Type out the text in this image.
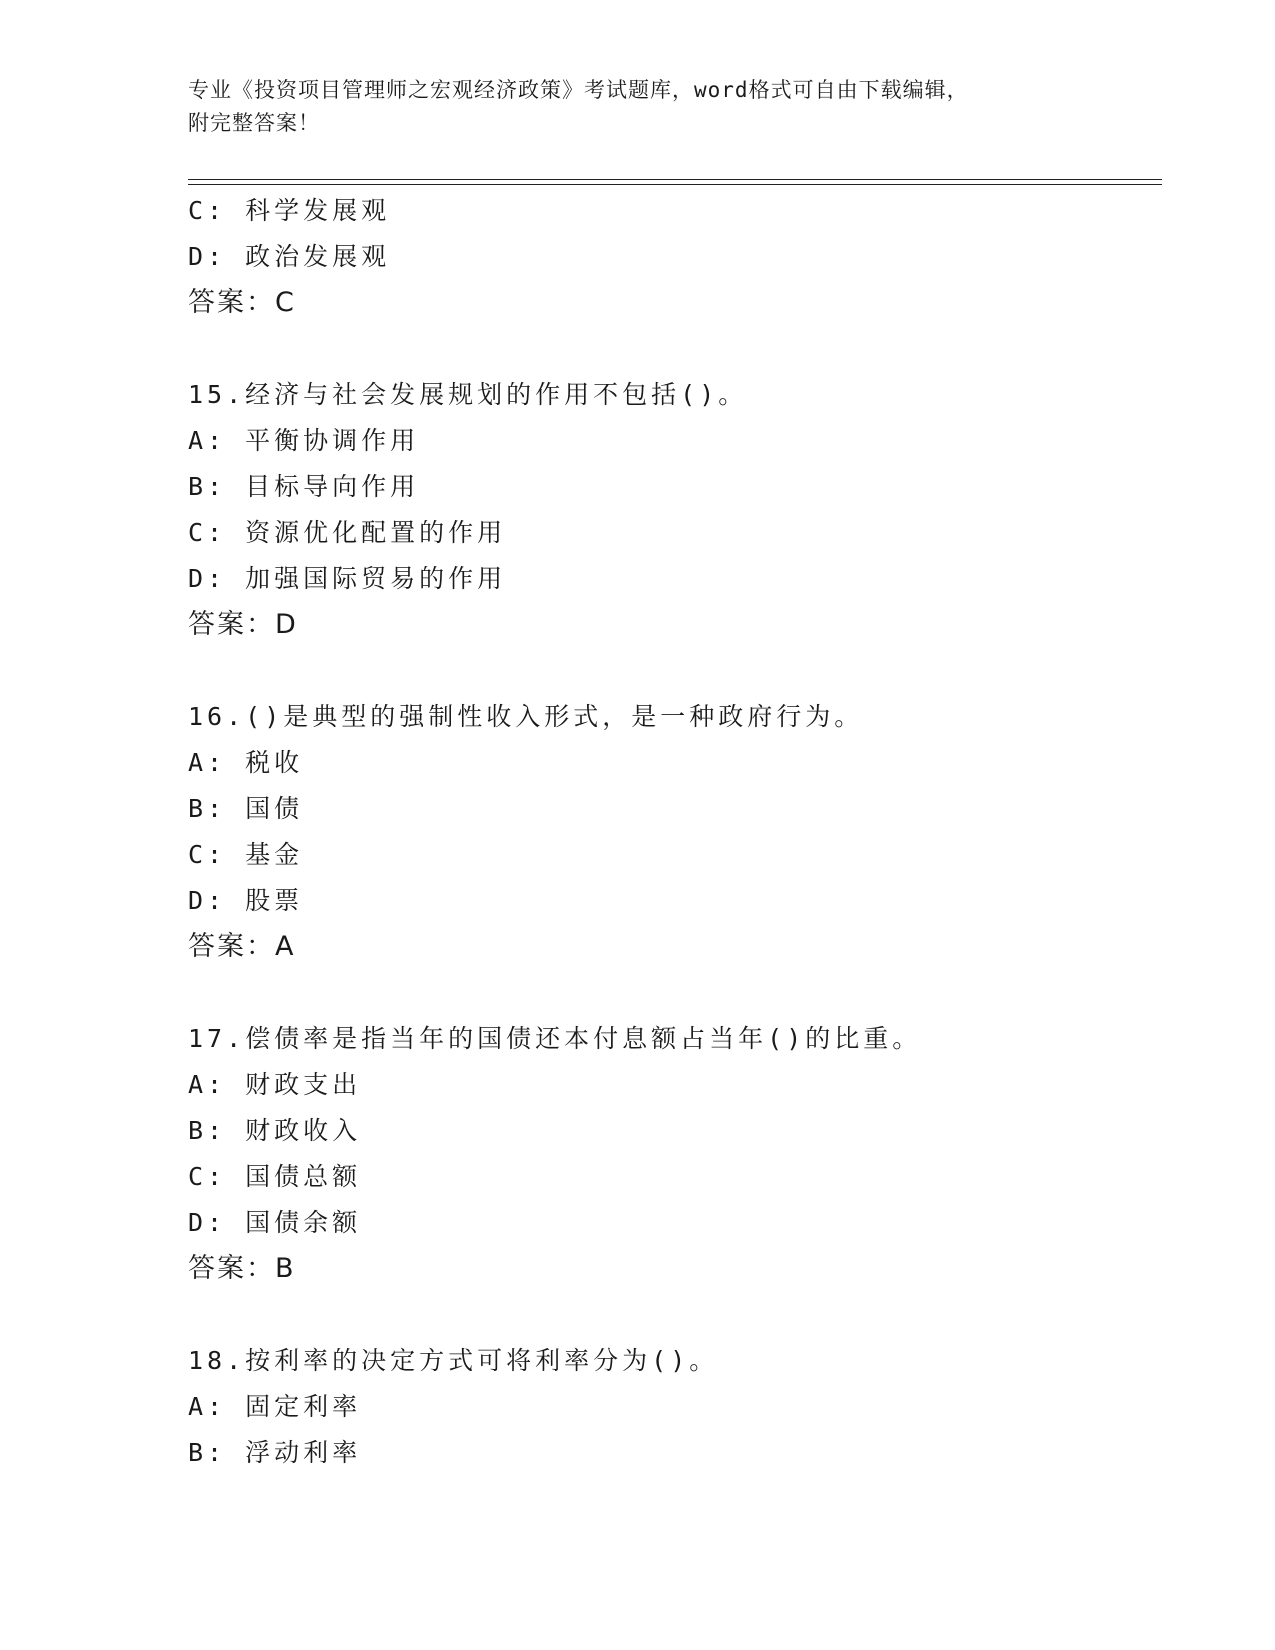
专业《投资项目管理师之宏观经济政策》考试题库，word格式可自由下载编辑，
附完整答案！
C: 科学发展观
D: 政治发展观
答案：C
15.经济与社会发展规划的作用不包括()。
A: 平衡协调作用
B: 目标导向作用
C: 资源优化配置的作用
D: 加强国际贸易的作用
答案：D
16.()是典型的强制性收入形式，是一种政府行为。
A: 税收
B: 国债
C: 基金
D: 股票
答案：A
17.偿债率是指当年的国债还本付息额占当年()的比重。
A: 财政支出
B: 财政收入
C: 国债总额
D: 国债余额
答案：B
18.按利率的决定方式可将利率分为()。
A: 固定利率
B: 浮动利率
